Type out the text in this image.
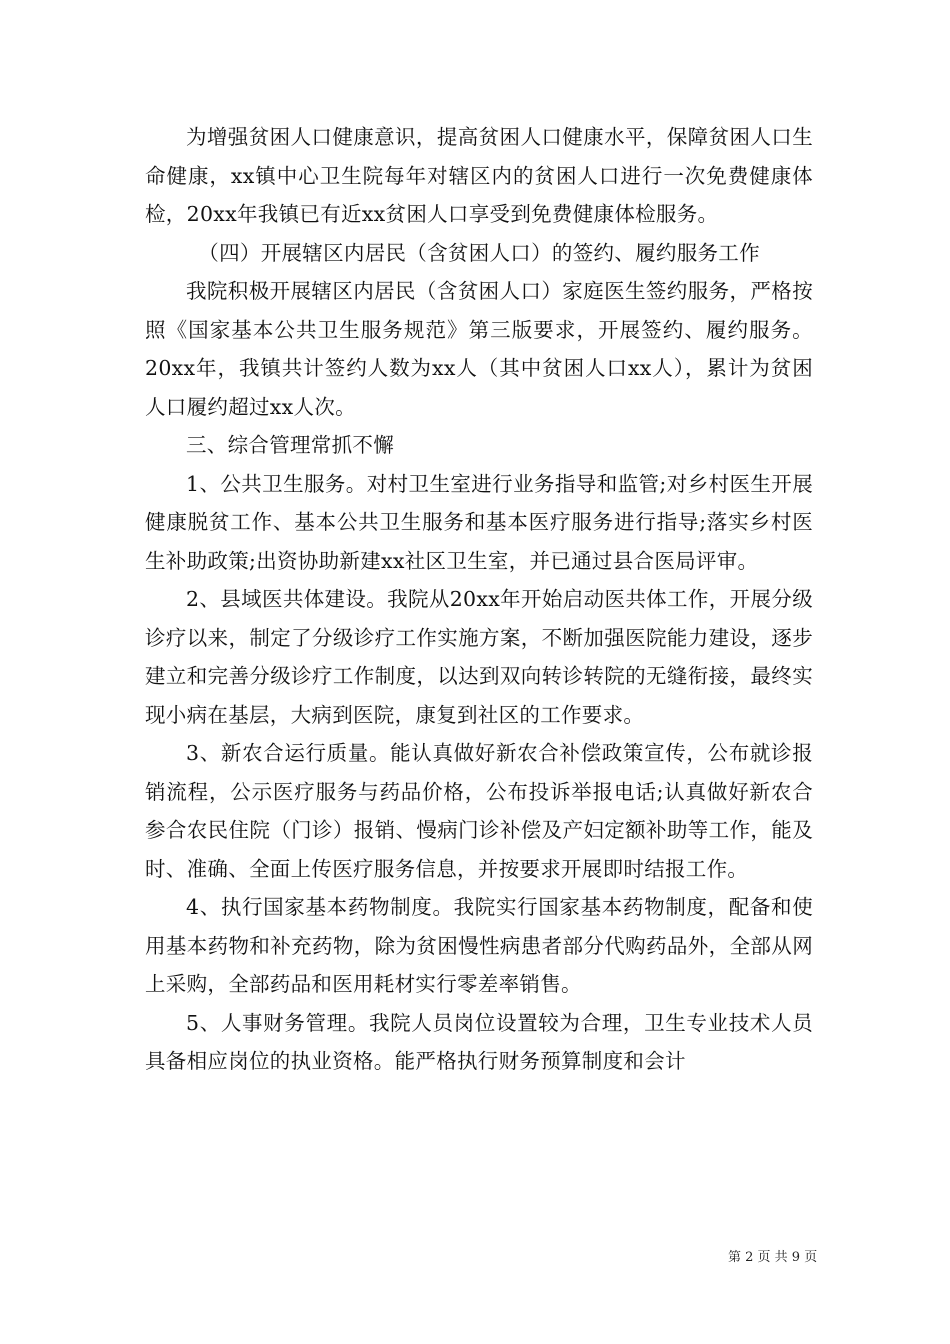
为增强贫困人口健康意识，提高贫困人口健康水平，保障贫困人口生命健康，xx镇中心卫生院每年对辖区内的贫困人口进行一次免费健康体检，20xx年我镇已有近xx贫困人口享受到免费健康体检服务。

（四）开展辖区内居民（含贫困人口）的签约、履约服务工作

我院积极开展辖区内居民（含贫困人口）家庭医生签约服务，严格按照《国家基本公共卫生服务规范》第三版要求，开展签约、履约服务。20xx年，我镇共计签约人数为xx人（其中贫困人口xx人），累计为贫困人口履约超过xx人次。

三、综合管理常抓不懈

1、公共卫生服务。对村卫生室进行业务指导和监管;对乡村医生开展健康脱贫工作、基本公共卫生服务和基本医疗服务进行指导;落实乡村医生补助政策;出资协助新建xx社区卫生室，并已通过县合医局评审。

2、县域医共体建设。我院从20xx年开始启动医共体工作，开展分级诊疗以来，制定了分级诊疗工作实施方案，不断加强医院能力建设，逐步建立和完善分级诊疗工作制度，以达到双向转诊转院的无缝衔接，最终实现小病在基层，大病到医院，康复到社区的工作要求。

3、新农合运行质量。能认真做好新农合补偿政策宣传，公布就诊报销流程，公示医疗服务与药品价格，公布投诉举报电话;认真做好新农合参合农民住院（门诊）报销、慢病门诊补偿及产妇定额补助等工作，能及时、准确、全面上传医疗服务信息，并按要求开展即时结报工作。

4、执行国家基本药物制度。我院实行国家基本药物制度，配备和使用基本药物和补充药物，除为贫困慢性病患者部分代购药品外，全部从网上采购，全部药品和医用耗材实行零差率销售。

5、人事财务管理。我院人员岗位设置较为合理，卫生专业技术人员具备相应岗位的执业资格。能严格执行财务预算制度和会计

第 2 页 共 9 页
